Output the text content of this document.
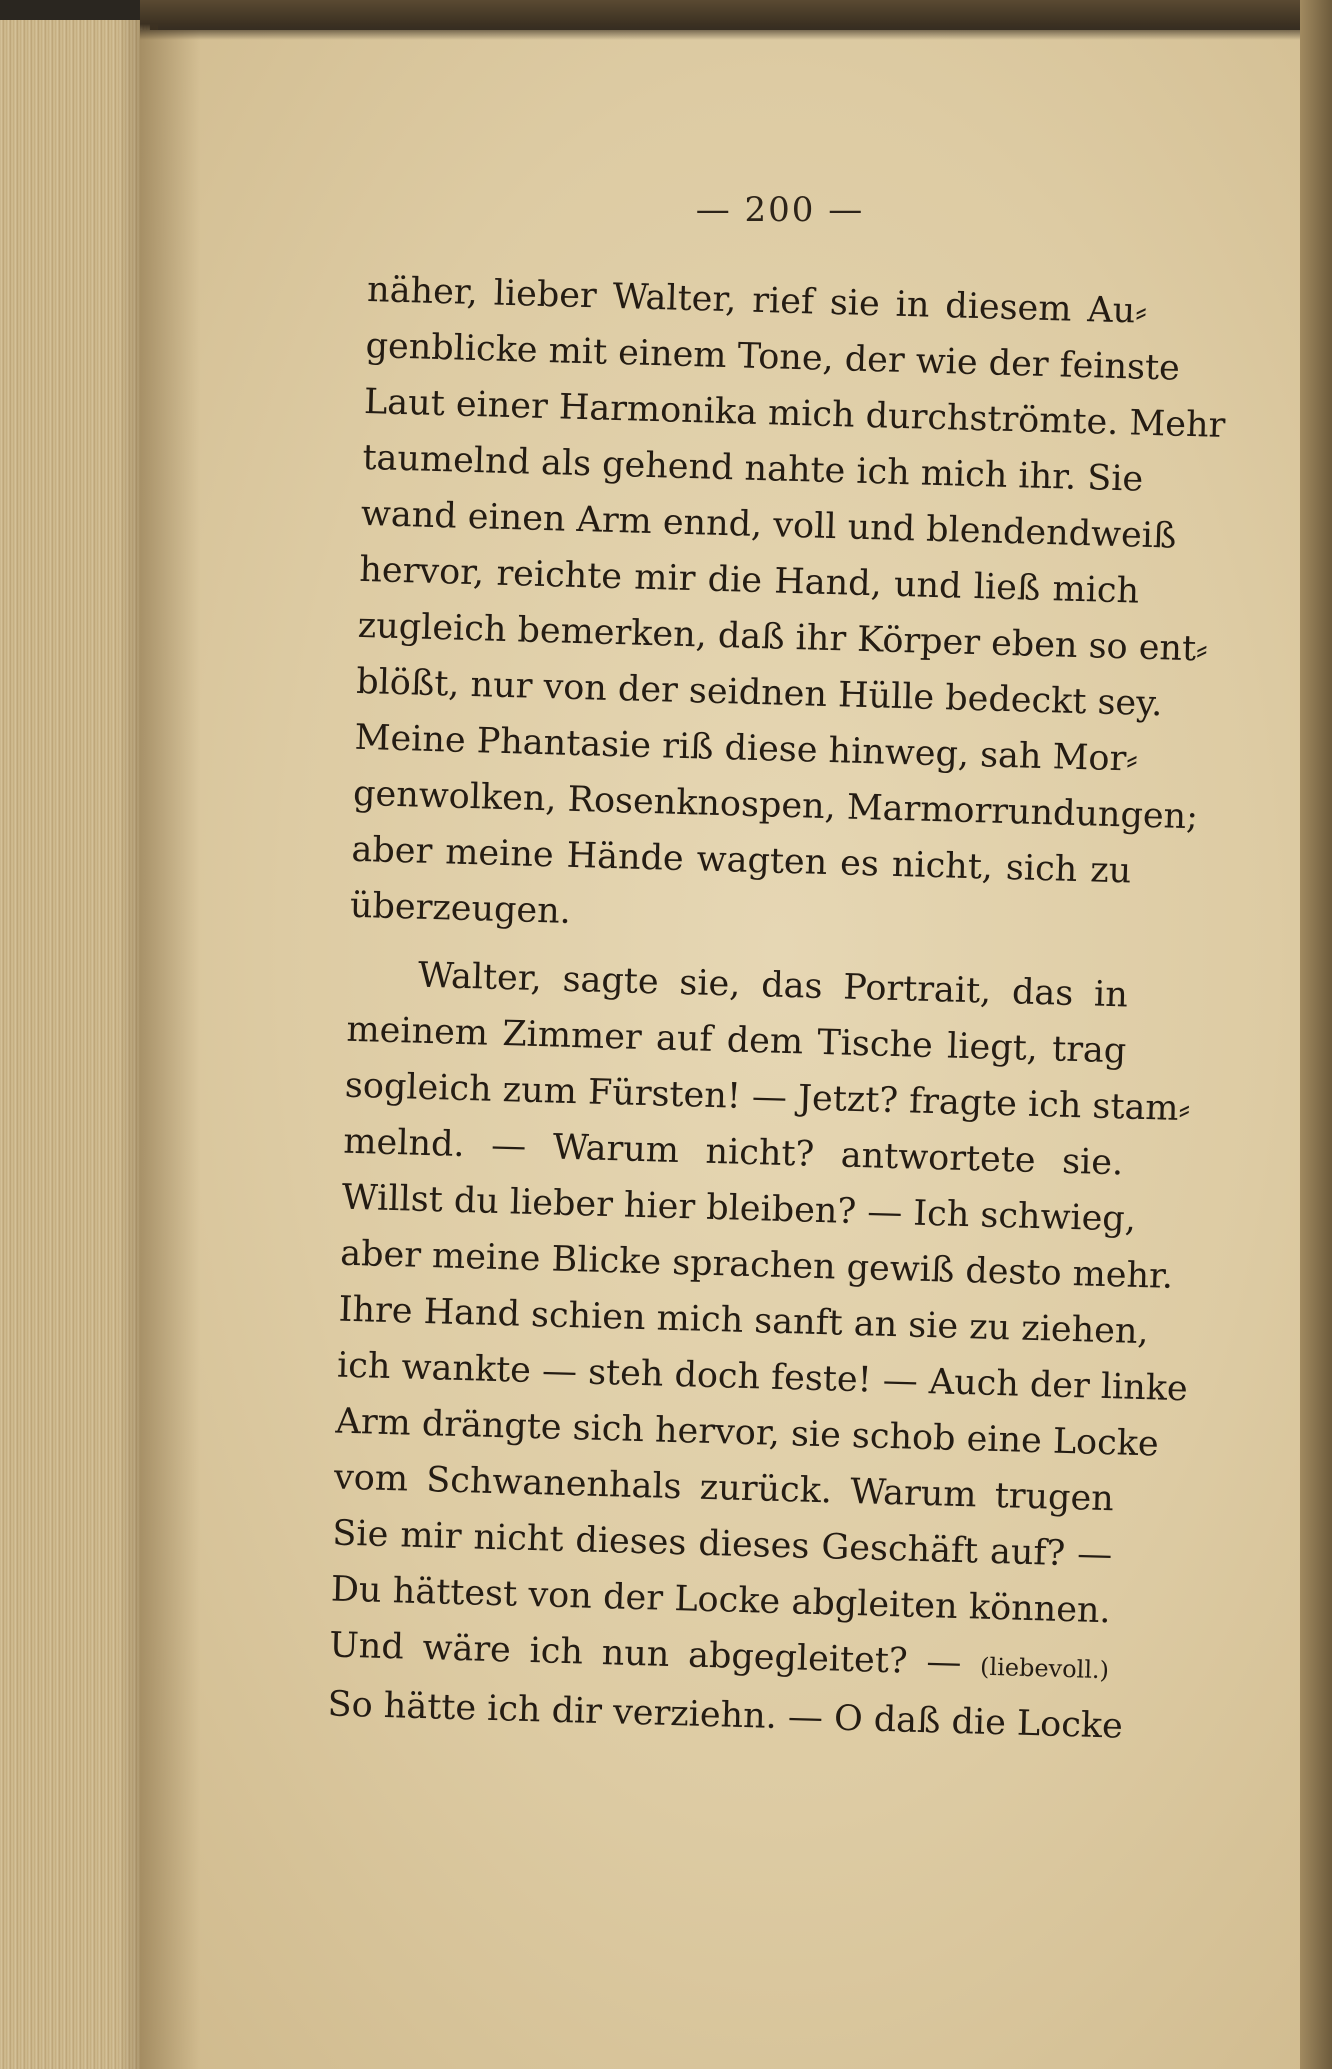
— 200 —
näher, lieber Walter, rief sie in diesem Au⸗
genblicke mit einem Tone, der wie der feinste
Laut einer Harmonika mich durchströmte. Mehr
taumelnd als gehend nahte ich mich ihr. Sie
wand einen Arm ennd, voll und blendendweiß
hervor, reichte mir die Hand, und ließ mich
zugleich bemerken, daß ihr Körper eben so ent⸗
blößt, nur von der seidnen Hülle bedeckt sey.
Meine Phantasie riß diese hinweg, sah Mor⸗
genwolken, Rosenknospen, Marmorrundungen;
aber meine Hände wagten es nicht, sich zu
überzeugen.
Walter, sagte sie, das Portrait, das in
meinem Zimmer auf dem Tische liegt, trag
sogleich zum Fürsten! — Jetzt? fragte ich stam⸗
melnd. — Warum nicht? antwortete sie.
Willst du lieber hier bleiben? — Ich schwieg,
aber meine Blicke sprachen gewiß desto mehr.
Ihre Hand schien mich sanft an sie zu ziehen,
ich wankte — steh doch feste! — Auch der linke
Arm drängte sich hervor, sie schob eine Locke
vom Schwanenhals zurück. Warum trugen
Sie mir nicht dieses dieses Geschäft auf? —
Du hättest von der Locke abgleiten können.
Und wäre ich nun abgegleitet? — (liebevoll.)
So hätte ich dir verziehn. — O daß die Locke
